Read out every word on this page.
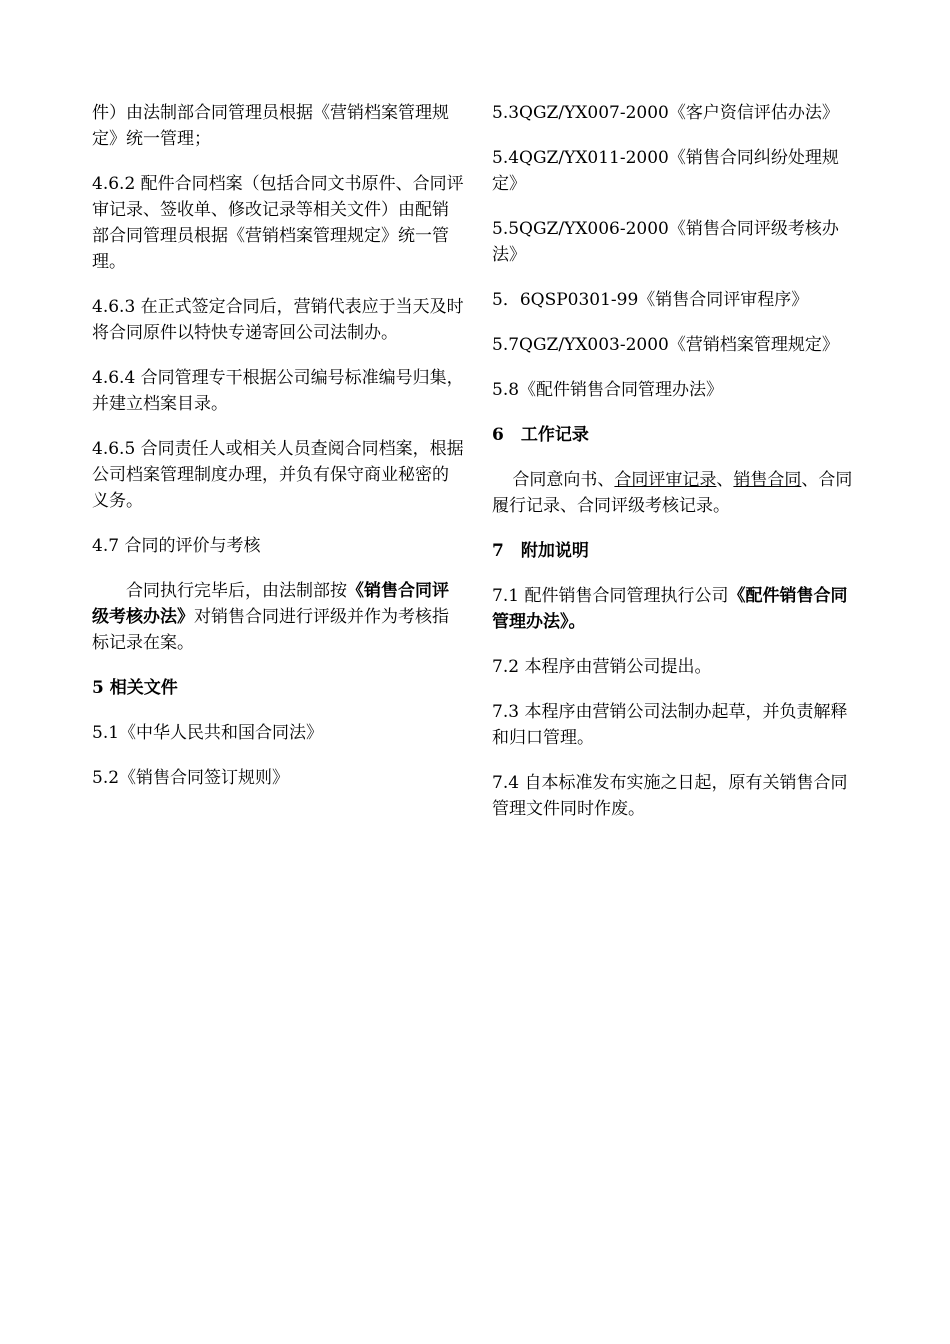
件）由法制部合同管理员根据《营销档案管理规定》统一管理；

4.6.2 配件合同档案（包括合同文书原件、合同评审记录、签收单、修改记录等相关文件）由配销部合同管理员根据《营销档案管理规定》统一管理。

4.6.3 在正式签定合同后，营销代表应于当天及时将合同原件以特快专递寄回公司法制办。

4.6.4 合同管理专干根据公司编号标准编号归集，并建立档案目录。

4.6.5 合同责任人或相关人员查阅合同档案，根据公司档案管理制度办理，并负有保守商业秘密的义务。

4.7 合同的评价与考核

合同执行完毕后，由法制部按《销售合同评级考核办法》对销售合同进行评级并作为考核指标记录在案。

5 相关文件

5.1《中华人民共和国合同法》

5.2《销售合同签订规则》

5.3QGZ/YX007-2000《客户资信评估办法》

5.4QGZ/YX011-2000《销售合同纠纷处理规定》

5.5QGZ/YX006-2000《销售合同评级考核办法》

5．6QSP0301-99《销售合同评审程序》

5.7QGZ/YX003-2000《营销档案管理规定》

5.8《配件销售合同管理办法》

6　工作记录

合同意向书、合同评审记录、销售合同、合同履行记录、合同评级考核记录。

7　附加说明

7.1 配件销售合同管理执行公司《配件销售合同管理办法》。

7.2 本程序由营销公司提出。

7.3 本程序由营销公司法制办起草，并负责解释和归口管理。

7.4 自本标准发布实施之日起，原有关销售合同管理文件同时作废。
